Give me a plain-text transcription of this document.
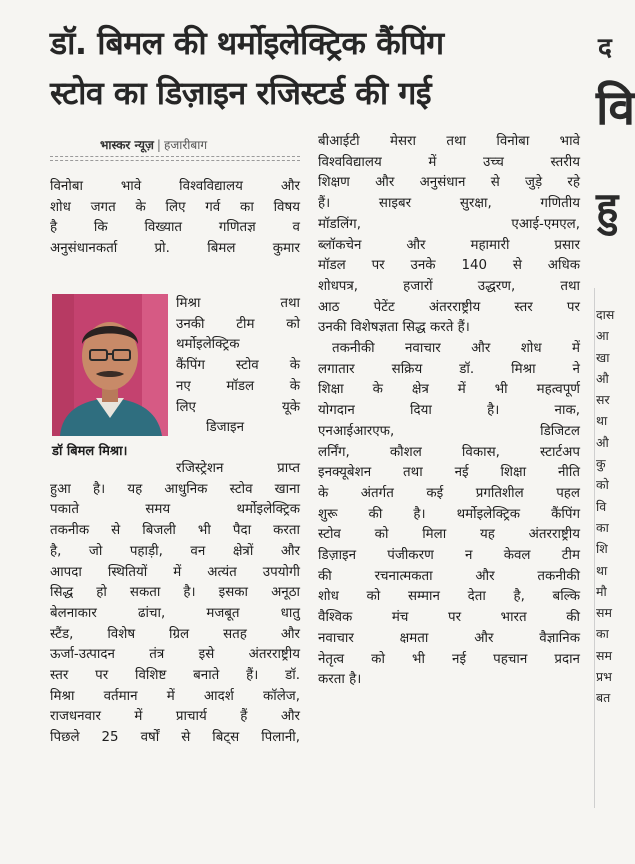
डॉ. बिमल की थर्मोइलेक्ट्रिक कैंपिंग
स्टोव का डिज़ाइन रजिस्टर्ड की गई
भास्कर न्यूज़ | हजारीबाग
विनोबा भावे विश्वविद्यालय और
शोध जगत के लिए गर्व का विषय
है कि विख्यात गणितज्ञ व
अनुसंधानकर्ता प्रो. बिमल कुमार
मिश्रा	तथा
उनकी टीम को
थर्मोइलेक्ट्रिक
कैंपिंग स्टोव के
नए मॉडल के
लिए	यूके
डिजाइन
डॉ बिमल मिश्रा।
रजिस्ट्रेशन प्राप्त
हुआ है। यह आधुनिक स्टोव खाना
पकाते समय थर्मोइलेक्ट्रिक
तकनीक से बिजली भी पैदा करता
है, जो पहाड़ी, वन क्षेत्रों और
आपदा स्थितियों में अत्यंत उपयोगी
सिद्ध हो सकता है। इसका अनूठा
बेलनाकार ढांचा, मजबूत धातु
स्टैंड, विशेष ग्रिल सतह और
ऊर्जा-उत्पादन तंत्र इसे अंतरराष्ट्रीय
स्तर पर विशिष्ट बनाते हैं। डॉ.
मिश्रा वर्तमान में आदर्श कॉलेज,
राजधनवार में प्राचार्य हैं और
पिछले 25 वर्षों से बिट्स पिलानी,
बीआईटी मेसरा तथा विनोबा भावे
विश्वविद्यालय में उच्च स्तरीय
शिक्षण और अनुसंधान से जुड़े रहे
हैं। साइबर सुरक्षा, गणितीय
मॉडलिंग, एआई-एमएल,
ब्लॉकचेन और महामारी प्रसार
मॉडल पर उनके 140 से अधिक
शोधपत्र, हजारों उद्धरण, तथा
आठ पेटेंट अंतरराष्ट्रीय स्तर पर
उनकी विशेषज्ञता सिद्ध करते हैं।
तकनीकी नवाचार और शोध में
लगातार सक्रिय डॉ. मिश्रा ने
शिक्षा के क्षेत्र में भी महत्वपूर्ण
योगदान दिया है। नाक,
एनआईआरएफ, डिजिटल
लर्निंग, कौशल विकास, स्टार्टअप
इनक्यूबेशन तथा नई शिक्षा नीति
के अंतर्गत कई प्रगतिशील पहल
शुरू की है। थर्मोइलेक्ट्रिक कैंपिंग
स्टोव को मिला यह अंतरराष्ट्रीय
डिज़ाइन पंजीकरण न केवल टीम
की रचनात्मकता और तकनीकी
शोध को सम्मान देता है, बल्कि
वैश्विक मंच पर भारत की
नवाचार क्षमता और वैज्ञानिक
नेतृत्व को भी नई पहचान प्रदान
करता है।
द
वि
हु
दास
आ
खा
औ
सर
था
औ
कु
को
वि
का
शि
था
मौ
सम
का
सम
प्रभ
बत
